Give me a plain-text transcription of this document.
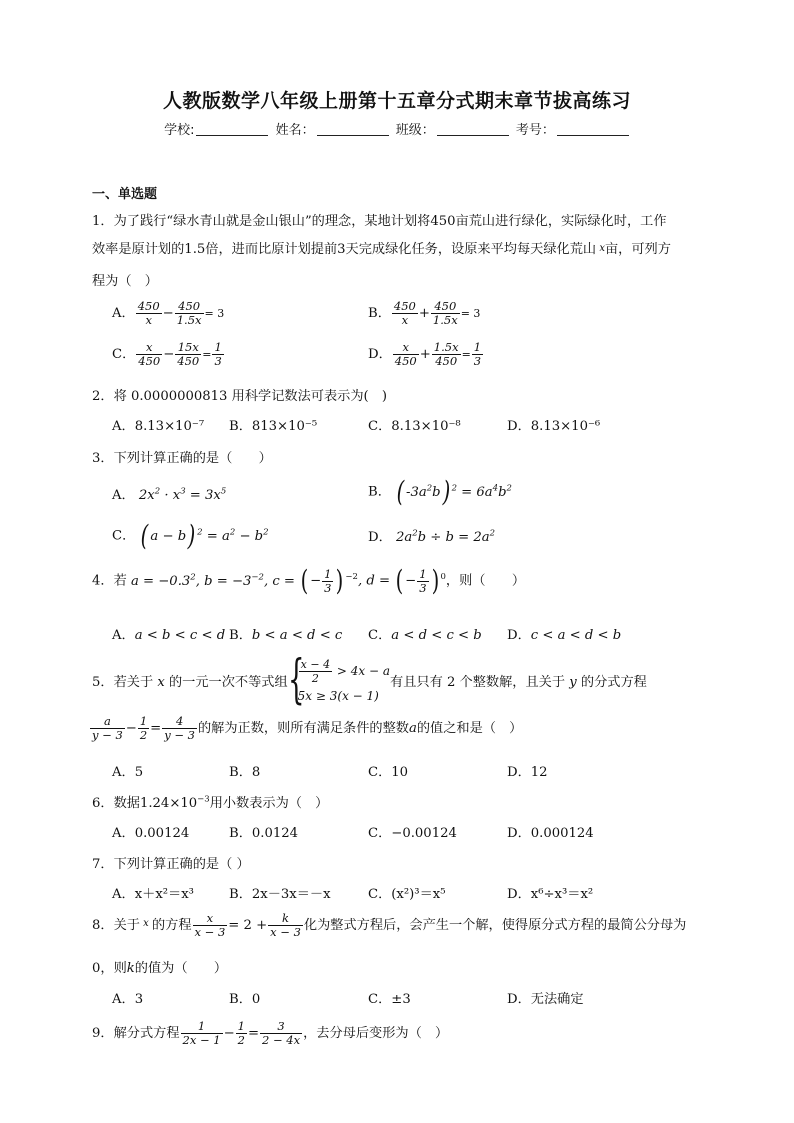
人教版数学八年级上册第十五章分式期末章节拔高练习
学校:	姓名：	班级：	考号：
一、单选题
1．为了践行“绿水青山就是金山银山”的理念，某地计划将450亩荒山进行绿化，实际绿化时，工作
效率是原计划的1.5倍，进而比原计划提前3天完成绿化任务，设原来平均每天绿化荒山 x亩，可列方
程为（　）
A． $\frac{450}{x} - \frac{450}{1.5x} = 3$	B． $\frac{450}{x} + \frac{450}{1.5x} = 3$
C． $\frac{x}{450} - \frac{15x}{450} = \frac{1}{3}$	D． $\frac{x}{450} + \frac{1.5x}{450} = \frac{1}{3}$
2．将 0.0000000813 用科学记数法可表示为(　)
A．8.13×10⁻⁷ B．813×10⁻⁵	C．8.13×10⁻⁸	D．8.13×10⁻⁶
3．下列计算正确的是（　　）
A． $2x^2 \cdot x^3 = 3x^5$	B． ( $-3a^2b$) $^2 = 6a^4b^2$
C． ( a − b) $^2 = a^2 - b^2$	D． $2a^2b \div b = 2a^2$
4．若 $a = -0.3^2$, $b = -3^{-2}$, c = ( − $\frac{1}{3}$ ) $^{-2}$, d = ( − $\frac{1}{3}$ ) $^0$，则（　　）
A．a < b < c < d B．b < a < d < c C．a < d < c < b D．c < a < d < b
5．若关于 x 的一元一次不等式组 {
$\frac{x - 4}{2} > 4x - a$
5x ≥ 3(x − 1)有且只有 2 个整数解，且关于 y 的分式方程
$\frac{a}{y - 3} - \frac{1}{2} = \frac{4}{y - 3}$ 的解为正数，则所有满足条件的整数a的值之和是（　）
A．5	B．8	C．10	D．12
6．数据$1.24\times 10^{-3}$用小数表示为（　）
A．0.00124	B．0.0124	C．−0.00124	D．0.000124
7．下列计算正确的是（ ）
A．x＋x²＝x³	B．2x－3x＝－x	C．(x²)³＝x⁵	D．x⁶÷x³＝x²
8．关于 $^x$ 的方程 $\frac{x}{x - 3} = 2 + \frac{k}{x - 3}$ 化为整式方程后，会产生一个解，使得原分式方程的最简公分母为
0，则k的值为（　　）
A．3	B．0	C．±3	D．无法确定
9．解分式方程 $\frac{1}{2x - 1} - \frac{1}{2} = \frac{3}{2 - 4x}$ ，去分母后变形为（　）
